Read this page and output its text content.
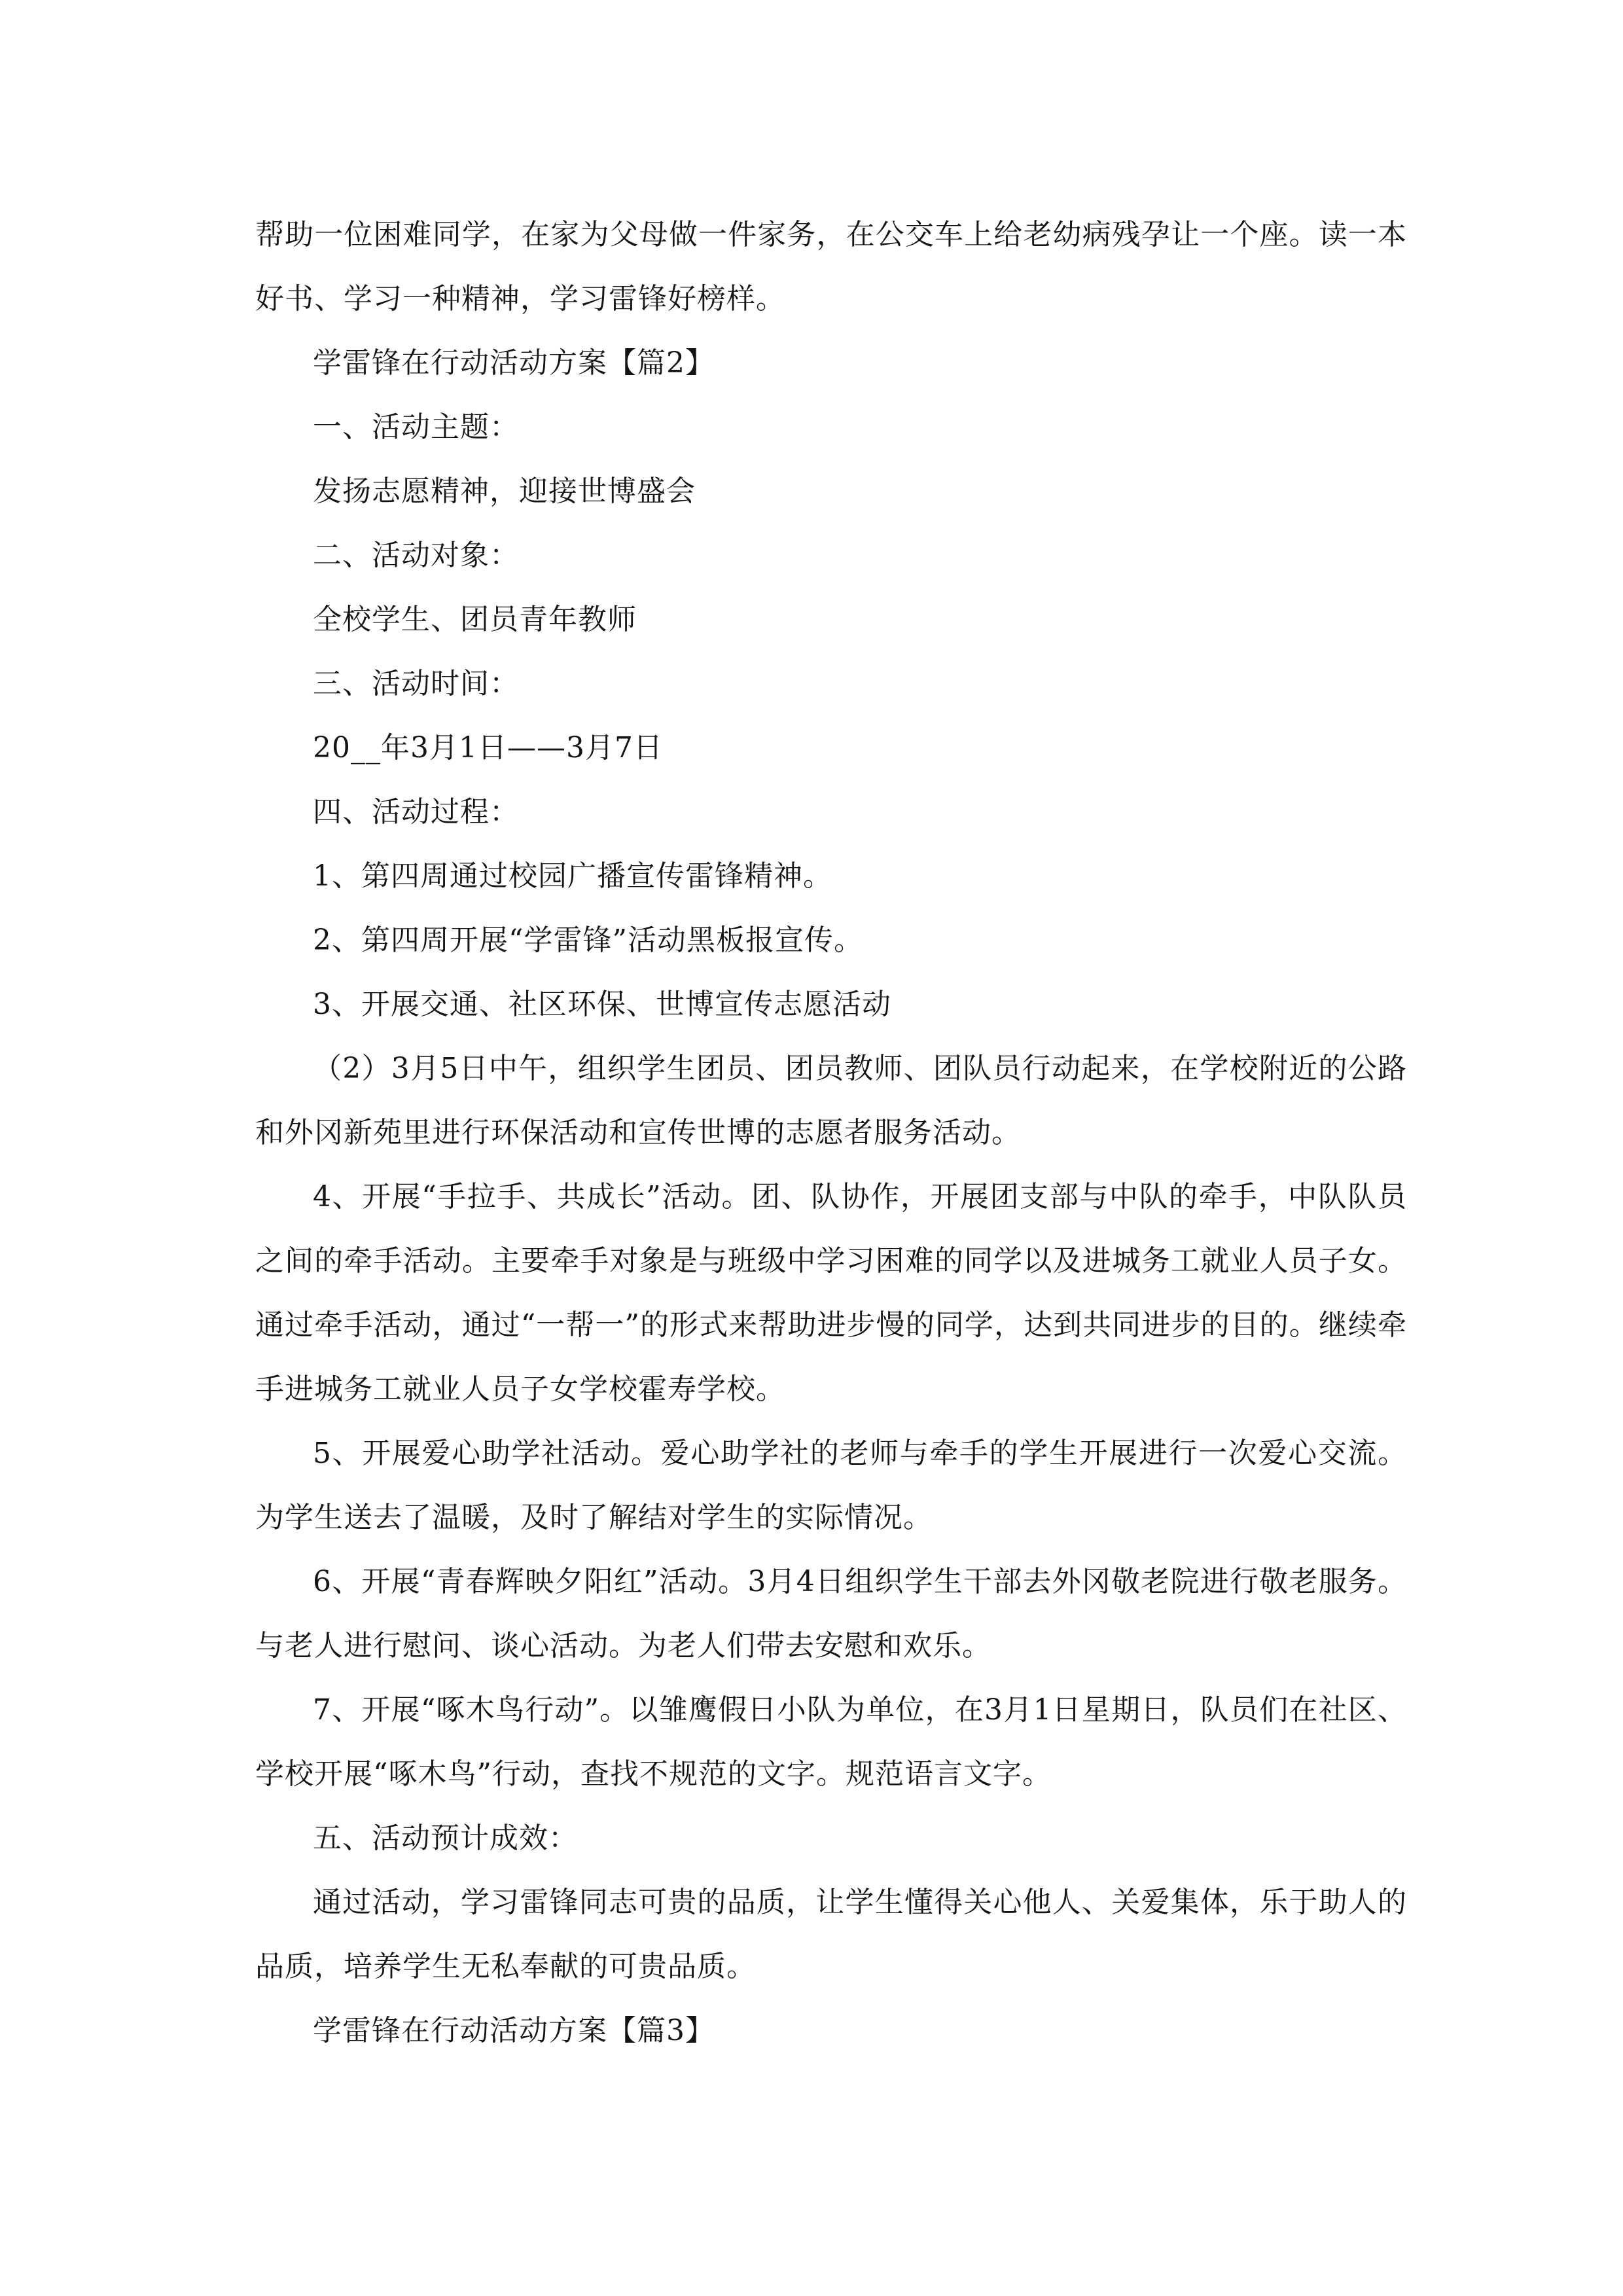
帮助一位困难同学，在家为父母做一件家务，在公交车上给老幼病残孕让一个座。读一本好书、学习一种精神，学习雷锋好榜样。

学雷锋在行动活动方案【篇2】

一、活动主题：

发扬志愿精神，迎接世博盛会

二、活动对象：

全校学生、团员青年教师

三、活动时间：

20__年3月1日——3月7日

四、活动过程：

1、第四周通过校园广播宣传雷锋精神。

2、第四周开展“学雷锋”活动黑板报宣传。

3、开展交通、社区环保、世博宣传志愿活动

（2）3月5日中午，组织学生团员、团员教师、团队员行动起来，在学校附近的公路和外冈新苑里进行环保活动和宣传世博的志愿者服务活动。

4、开展“手拉手、共成长”活动。团、队协作，开展团支部与中队的牵手，中队队员之间的牵手活动。主要牵手对象是与班级中学习困难的同学以及进城务工就业人员子女。通过牵手活动，通过“一帮一”的形式来帮助进步慢的同学，达到共同进步的目的。继续牵手进城务工就业人员子女学校霍寿学校。

5、开展爱心助学社活动。爱心助学社的老师与牵手的学生开展进行一次爱心交流。为学生送去了温暖，及时了解结对学生的实际情况。

6、开展“青春辉映夕阳红”活动。3月4日组织学生干部去外冈敬老院进行敬老服务。与老人进行慰问、谈心活动。为老人们带去安慰和欢乐。

7、开展“啄木鸟行动”。以雏鹰假日小队为单位，在3月1日星期日，队员们在社区、学校开展“啄木鸟”行动，查找不规范的文字。规范语言文字。

五、活动预计成效：

通过活动，学习雷锋同志可贵的品质，让学生懂得关心他人、关爱集体，乐于助人的品质，培养学生无私奉献的可贵品质。

学雷锋在行动活动方案【篇3】
